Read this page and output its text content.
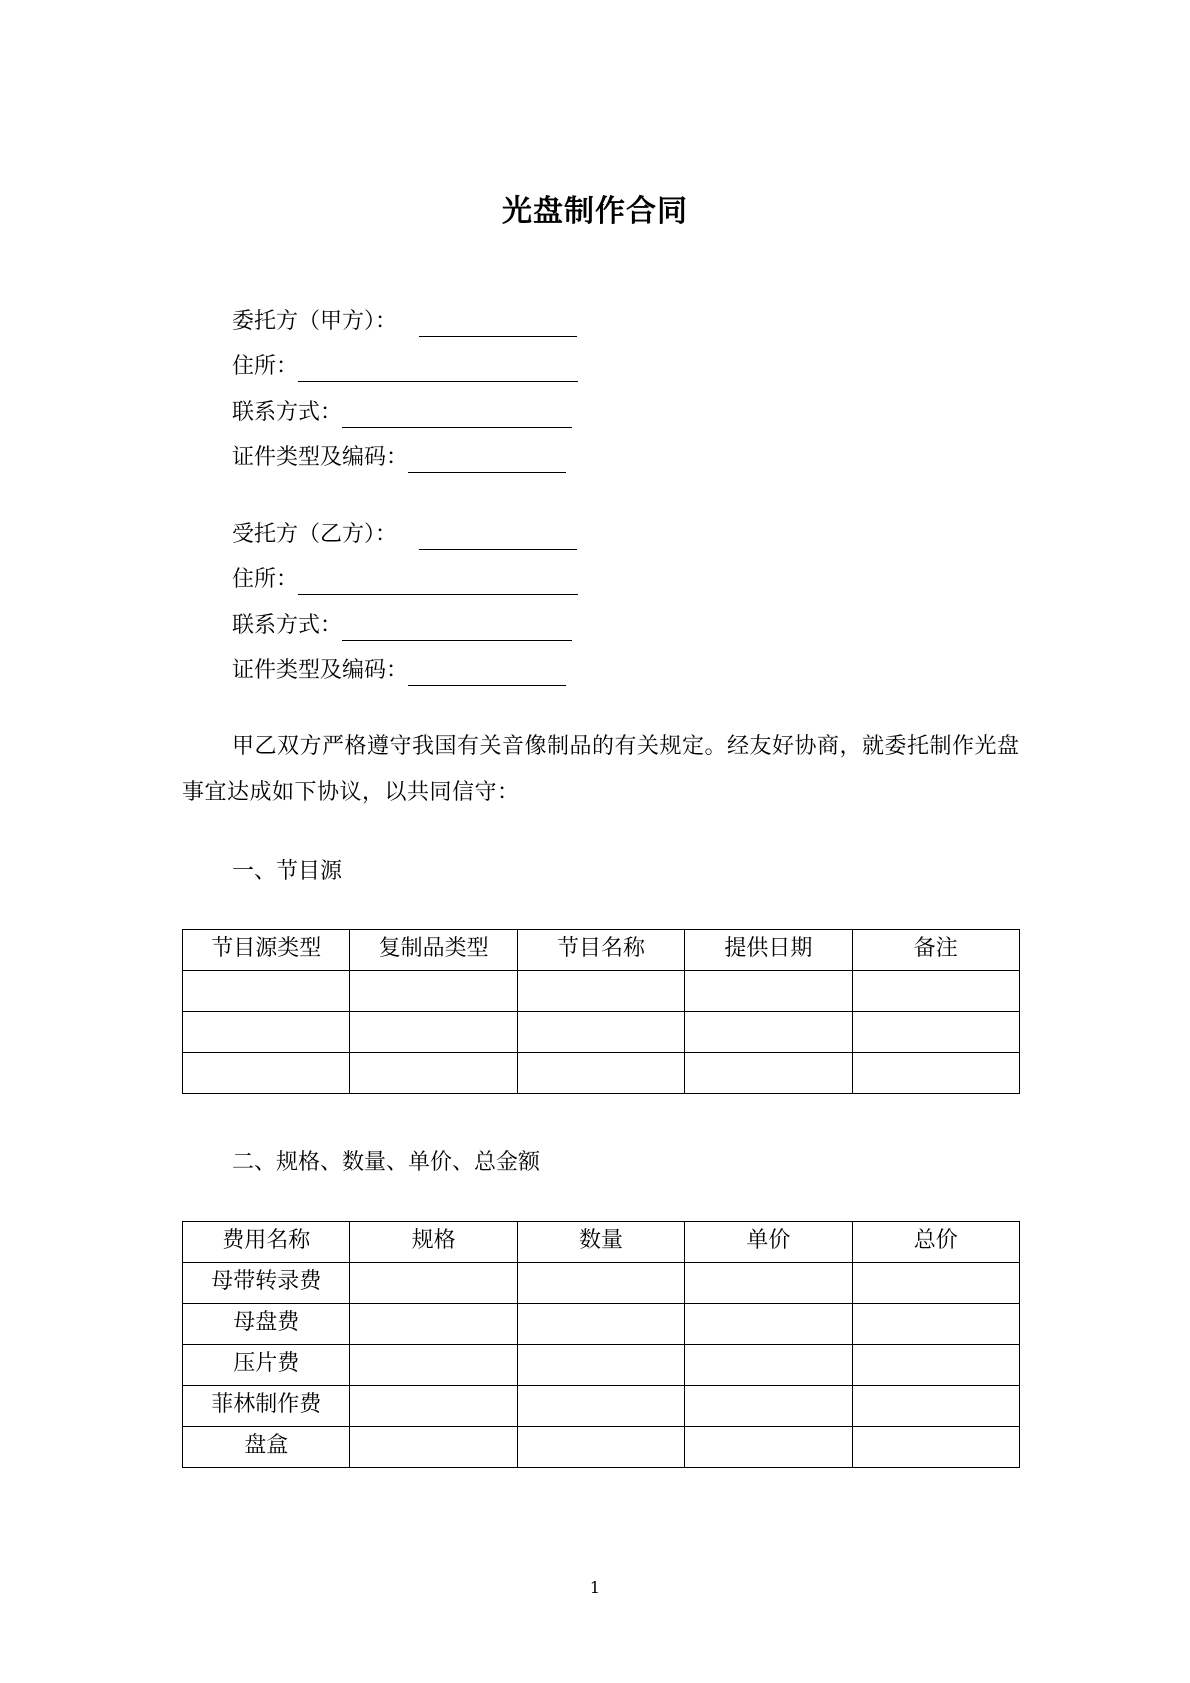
光盘制作合同
委托方（甲方）：
住所：
联系方式：
证件类型及编码：
受托方（乙方）：
住所：
联系方式：
证件类型及编码：

甲乙双方严格遵守我国有关音像制品的有关规定。经友好协商，就委托制作光盘事宜达成如下协议，以共同信守：

一、节目源
节目源类型	复制品类型	节目名称	提供日期	备注

二、规格、数量、单价、总金额
费用名称	规格	数量	单价	总价
母带转录费				
母盘费				
压片费				
菲林制作费				
盘盒				
1
